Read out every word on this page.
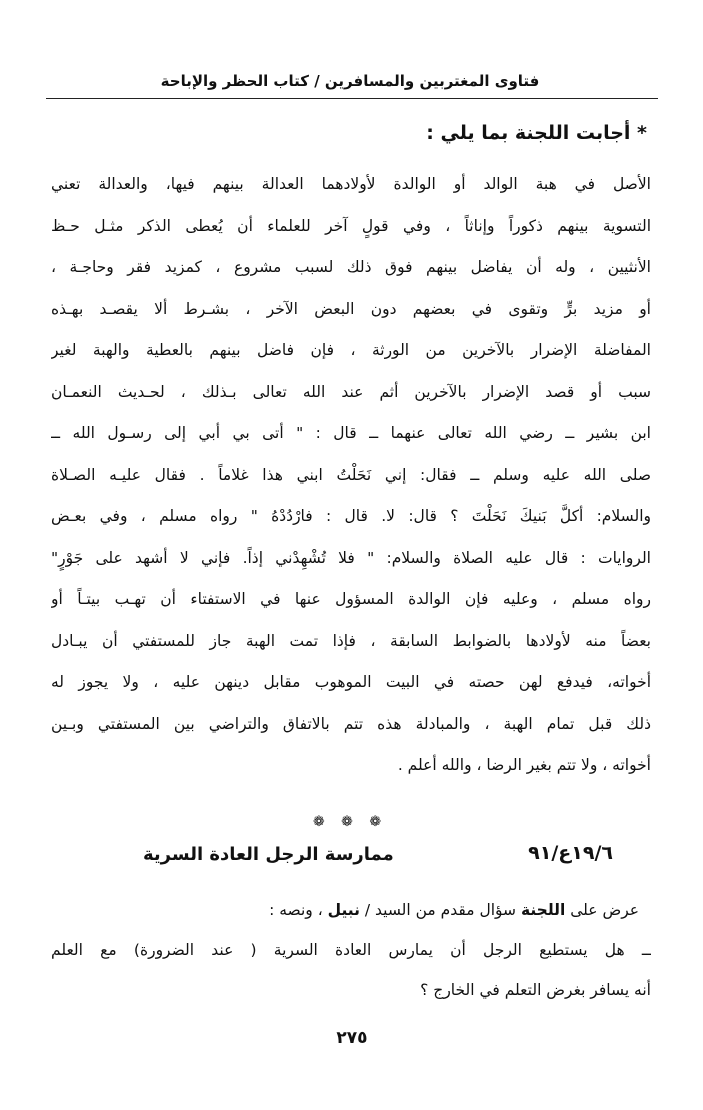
فتاوى المغتربين والمسافرين / كتاب الحظر والإباحة
* أجابت اللجنة بما يلي :
الأصل في هبة الوالد أو الوالدة لأولادهما العدالة بينهم فيها، والعدالة تعني
التسوية بينهم ذكوراً وإناثاً ، وفي قولٍ آخر للعلماء أن يُعطى الذكر مثـل حـظ
الأنثيين ، وله أن يفاضل بينهم فوق ذلك لسبب مشروع ، كمزيد فقر وحاجـة ،
أو مزيد برٍّ وتقوى في بعضهم دون البعض الآخر ، بشـرط ألا يقصـد بهـذه
المفاضلة الإضرار بالآخرين من الورثة ، فإن فاضل بينهم بالعطية والهبة لغير
سبب أو قصد الإضرار بالآخرين أثم عند الله تعالى بـذلك ، لحـديث النعمـان
ابن بشير ــ رضي الله تعالى عنهما ــ قال : " أتى بي أبي إلى رسـول الله ــ
صلى الله عليه وسلم ــ فقال: إني نَحَلْتُ ابني هذا غلاماً . فقال عليـه الصـلاة
والسلام: أكلَّ بَنيكَ نَحَلْتَ ؟ قال: لا. قال : فارْدُدْهُ " رواه مسلم ، وفي بعـض
الروايات : قال عليه الصلاة والسلام: " فلا تُشْهِدْني إذاً. فإني لا أشهد على جَوْرٍ"
رواه مسلم ، وعليه فإن الوالدة المسؤول عنها في الاستفتاء أن تهـب بيتـاً أو
بعضاً منه لأولادها بالضوابط السابقة ، فإذا تمت الهبة جاز للمستفتي أن يبـادل
أخواته، فيدفع لهن حصته في البيت الموهوب مقابل دينهن عليه ، ولا يجوز له
ذلك قبل تمام الهبة ، والمبادلة هذه تتم بالاتفاق والتراضي بين المستفتي وبـين
أخواته ، ولا تتم بغير الرضا ، والله أعلم .
❁ ❁ ❁
١٩/٦ع/٩١
ممارسة الرجل العادة السرية
عرض على اللجنة سؤال مقدم من السيد / نبيل ، ونصه :
ــ هل يستطيع الرجل أن يمارس العادة السرية ( عند الضرورة) مع العلم
أنه يسافر بغرض التعلم في الخارج ؟
٢٧٥
